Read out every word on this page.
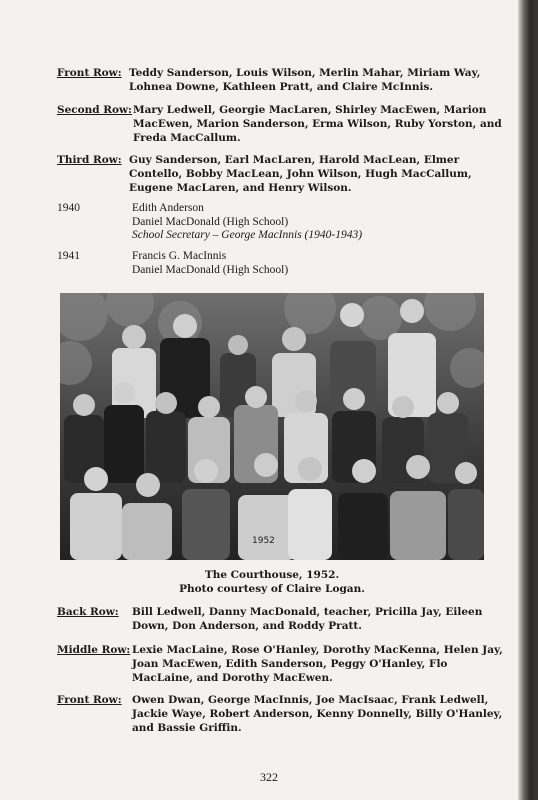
Front Row: Teddy Sanderson, Louis Wilson, Merlin Mahar, Miriam Way, Lohnea Downe, Kathleen Pratt, and Claire McInnis.
Second Row: Mary Ledwell, Georgie MacLaren, Shirley MacEwen, Marion MacEwen, Marion Sanderson, Erma Wilson, Ruby Yorston, and Freda MacCallum.
Third Row: Guy Sanderson, Earl MacLaren, Harold MacLean, Elmer Contello, Bobby MacLean, John Wilson, Hugh MacCallum, Eugene MacLaren, and Henry Wilson.
1940	Edith Anderson
Daniel MacDonald (High School)
School Secretary – George MacInnis (1940-1943)
1941	Francis G. MacInnis
Daniel MacDonald (High School)
1952
The Courthouse, 1952.
Photo courtesy of Claire Logan.
Back Row:	Bill Ledwell, Danny MacDonald, teacher, Pricilla Jay, Eileen Down, Don Anderson, and Roddy Pratt.
Middle Row: Lexie MacLaine, Rose O'Hanley, Dorothy MacKenna, Helen Jay, Joan MacEwen, Edith Sanderson, Peggy O'Hanley, Flo MacLaine, and Dorothy MacEwen.
Front Row: Owen Dwan, George MacInnis, Joe MacIsaac, Frank Ledwell, Jackie Waye, Robert Anderson, Kenny Donnelly, Billy O'Hanley, and Bassie Griffin.
322
